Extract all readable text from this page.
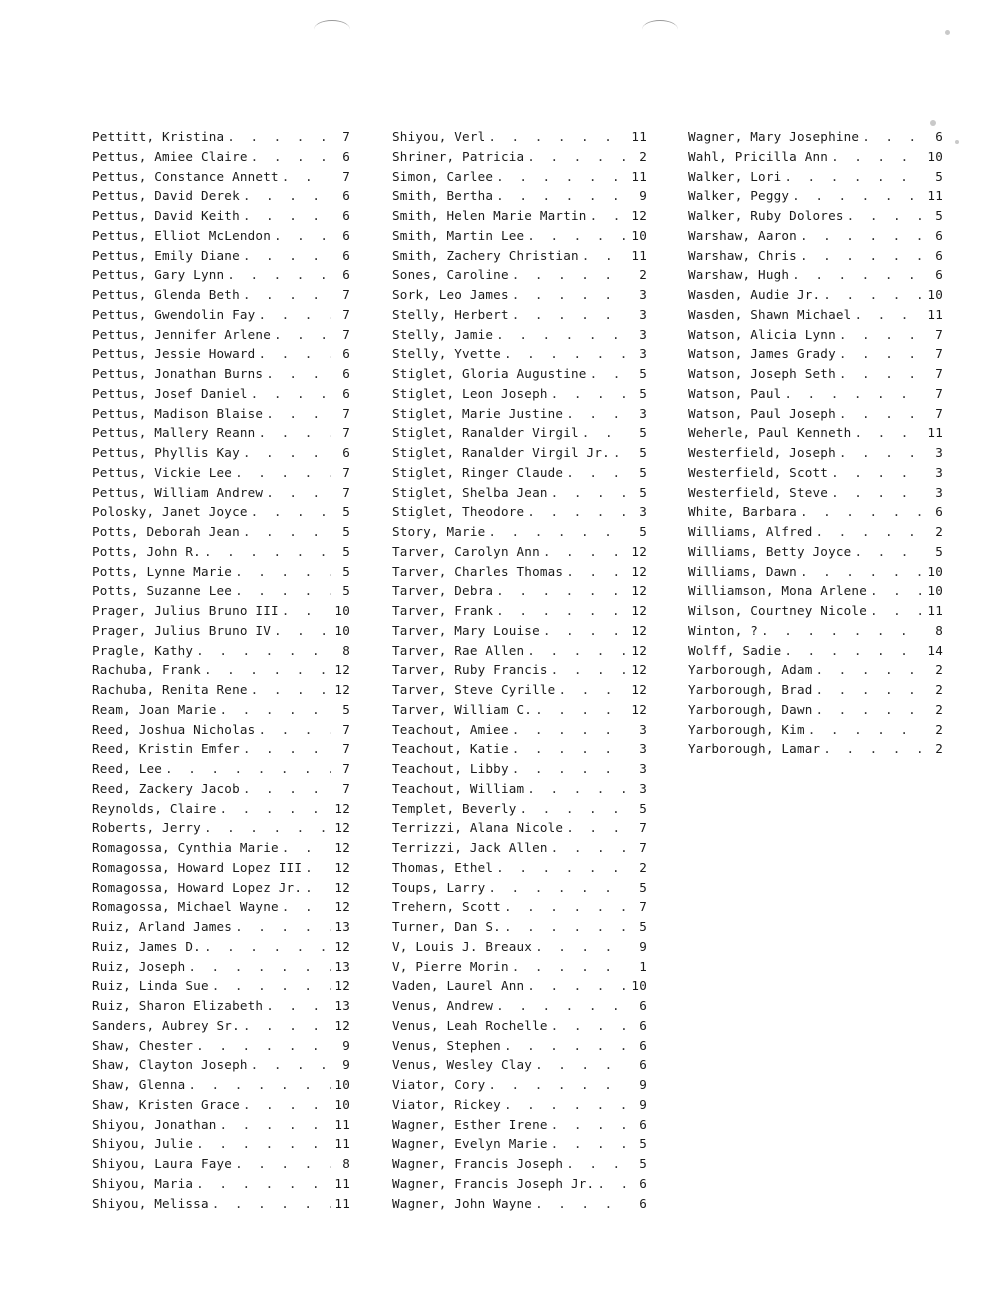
Pettitt, Kristina . . .	7
Pettus, Amiee Claire . . .	6
Pettus, Constance Annett . . .	7
Pettus, David Derek . . .	6
Pettus, David Keith . . .	6
Pettus, Elliot McLendon . . .	6
Pettus, Emily Diane . . .	6
Pettus, Gary Lynn . . .	6
Pettus, Glenda Beth . . .	7
Pettus, Gwendolin Fay . . .	7
Pettus, Jennifer Arlene . . .	7
Pettus, Jessie Howard . . .	6
Pettus, Jonathan Burns . . .	6
Pettus, Josef Daniel . . .	6
Pettus, Madison Blaise . . .	7
Pettus, Mallery Reann . . .	7
Pettus, Phyllis Kay . . .	6
Pettus, Vickie Lee . . .	7
Pettus, William Andrew . . .	7
Polosky, Janet Joyce . . .	5
Potts, Deborah Jean . . .	5
Potts, John R. . . .	5
Potts, Lynne Marie . . .	5
Potts, Suzanne Lee . . .	5
Prager, Julius Bruno III . . .	10
Prager, Julius Bruno IV . . .	10
Pragle, Kathy . . .	8
Rachuba, Frank . . .	12
Rachuba, Renita Rene . . .	12
Ream, Joan Marie . . .	5
Reed, Joshua Nicholas . . .	7
Reed, Kristin Emfer . . .	7
Reed, Lee . . .	7
Reed, Zackery Jacob . . .	7
Reynolds, Claire . . .	12
Roberts, Jerry . . .	12
Romagossa, Cynthia Marie . . .	12
Romagossa, Howard Lopez III . . .	12
Romagossa, Howard Lopez Jr. . . .	12
Romagossa, Michael Wayne . . .	12
Ruiz, Arland James . . .	13
Ruiz, James D. . . .	12
Ruiz, Joseph . . .	13
Ruiz, Linda Sue . . .	12
Ruiz, Sharon Elizabeth . . .	13
Sanders, Aubrey Sr. . . .	12
Shaw, Chester . . .	9
Shaw, Clayton Joseph . . .	9
Shaw, Glenna . . .	10
Shaw, Kristen Grace . . .	10
Shiyou, Jonathan . . .	11
Shiyou, Julie . . .	11
Shiyou, Laura Faye . . .	8
Shiyou, Maria . . .	11
Shiyou, Melissa . . .	11
Shiyou, Verl . . .	11
Shriner, Patricia . . .	2
Simon, Carlee . . .	11
Smith, Bertha . . .	9
Smith, Helen Marie Martin . . .	12
Smith, Martin Lee . . .	10
Smith, Zachery Christian . . .	11
Sones, Caroline . . .	2
Sork, Leo James . . .	3
Stelly, Herbert . . .	3
Stelly, Jamie . . .	3
Stelly, Yvette . . .	3
Stiglet, Gloria Augustine . . .	5
Stiglet, Leon Joseph . . .	5
Stiglet, Marie Justine . . .	3
Stiglet, Ranalder Virgil . . .	5
Stiglet, Ranalder Virgil Jr. . . .	5
Stiglet, Ringer Claude . . .	5
Stiglet, Shelba Jean . . .	5
Stiglet, Theodore . . .	3
Story, Marie . . .	5
Tarver, Carolyn Ann . . .	12
Tarver, Charles Thomas . . .	12
Tarver, Debra . . .	12
Tarver, Frank . . .	12
Tarver, Mary Louise . . .	12
Tarver, Rae Allen . . .	12
Tarver, Ruby Francis . . .	12
Tarver, Steve Cyrille . . .	12
Tarver, William C. . . .	12
Teachout, Amiee . . .	3
Teachout, Katie . . .	3
Teachout, Libby . . .	3
Teachout, William . . .	3
Templet, Beverly . . .	5
Terrizzi, Alana Nicole . . .	7
Terrizzi, Jack Allen . . .	7
Thomas, Ethel . . .	2
Toups, Larry . . .	5
Trehern, Scott . . .	7
Turner, Dan S. . . .	5
V, Louis J. Breaux . . .	9
V, Pierre Morin . . .	1
Vaden, Laurel Ann . . .	10
Venus, Andrew . . .	6
Venus, Leah Rochelle . . .	6
Venus, Stephen . . .	6
Venus, Wesley Clay . . .	6
Viator, Cory . . .	9
Viator, Rickey . . .	9
Wagner, Esther Irene . . .	6
Wagner, Evelyn Marie . . .	5
Wagner, Francis Joseph . . .	5
Wagner, Francis Joseph Jr. . . .	6
Wagner, John Wayne . . .	6
Wagner, Mary Josephine . . .	6
Wahl, Pricilla Ann . . .	10
Walker, Lori . . .	5
Walker, Peggy . . .	11
Walker, Ruby Dolores . . .	5
Warshaw, Aaron . . .	6
Warshaw, Chris . . .	6
Warshaw, Hugh . . .	6
Wasden, Audie Jr. . . .	10
Wasden, Shawn Michael . . .	11
Watson, Alicia Lynn . . .	7
Watson, James Grady . . .	7
Watson, Joseph Seth . . .	7
Watson, Paul . . .	7
Watson, Paul Joseph . . .	7
Weherle, Paul Kenneth . . .	11
Westerfield, Joseph . . .	3
Westerfield, Scott . . .	3
Westerfield, Steve . . .	3
White, Barbara . . .	6
Williams, Alfred . . .	2
Williams, Betty Joyce . . .	5
Williams, Dawn . . .	10
Williamson, Mona Arlene . . .	10
Wilson, Courtney Nicole . . .	11
Winton, ? . . .	8
Wolff, Sadie . . .	14
Yarborough, Adam . . .	2
Yarborough, Brad . . .	2
Yarborough, Dawn . . .	2
Yarborough, Kim . . .	2
Yarborough, Lamar . . .	2
